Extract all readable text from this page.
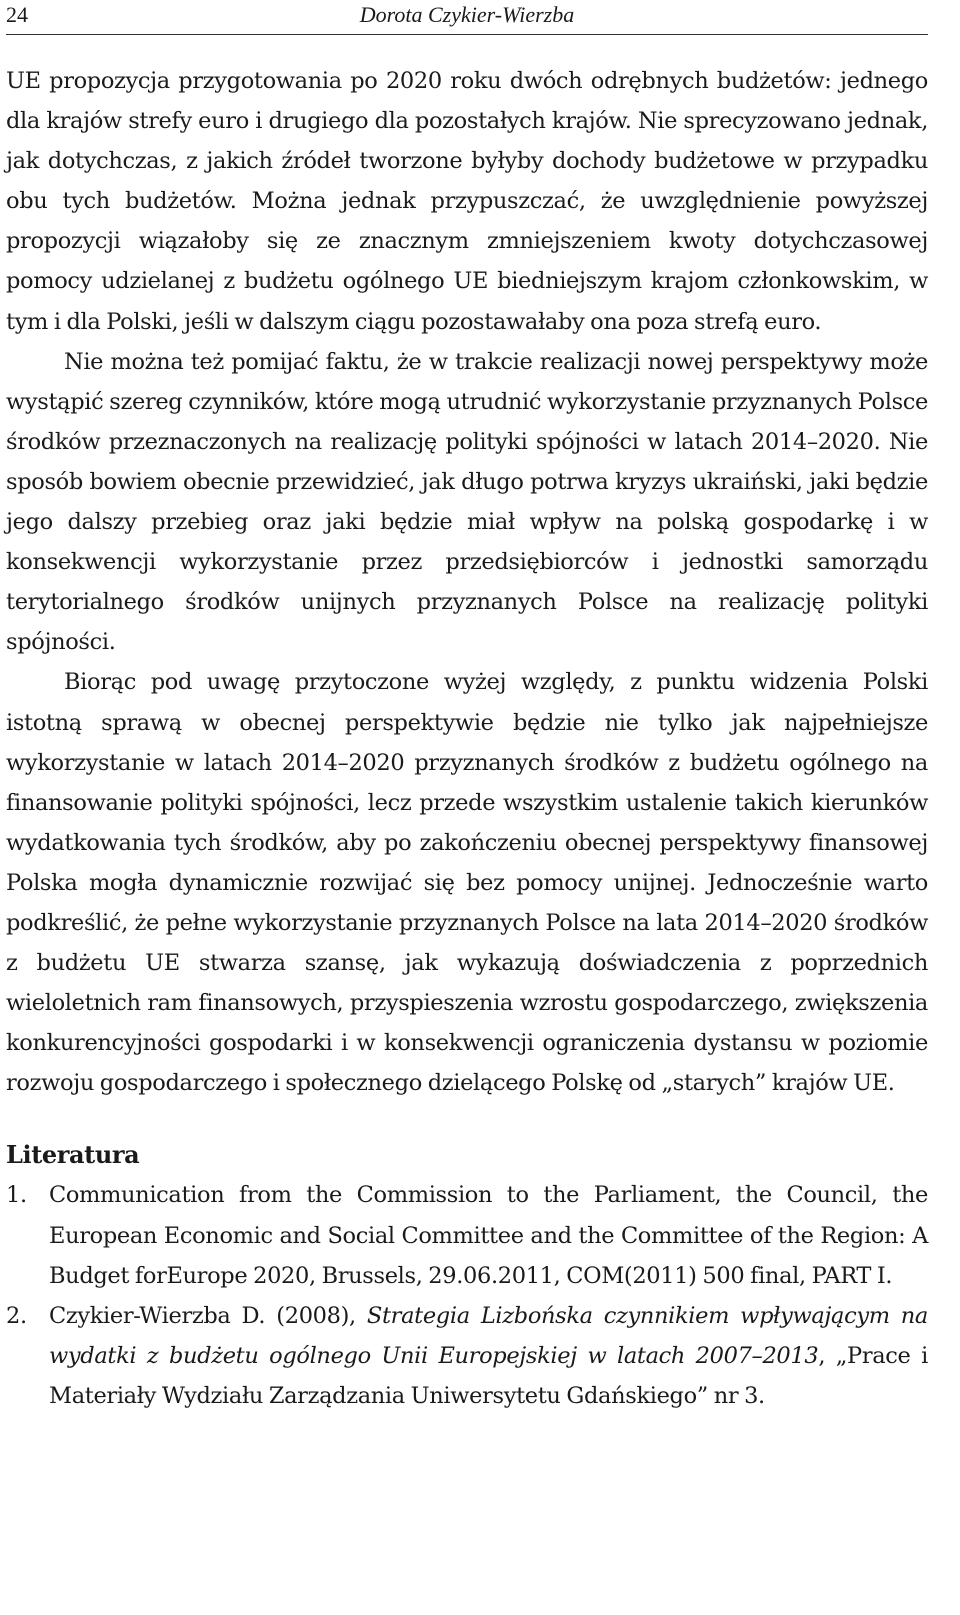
24	Dorota Czykier-Wierzba

UE propozycja przygotowania po 2020 roku dwóch odrębnych budżetów: jednego dla krajów strefy euro i drugiego dla pozostałych krajów. Nie sprecyzowano jednak, jak dotychczas, z jakich źródeł tworzone byłyby dochody budżetowe w przypadku obu tych budżetów. Można jednak przypuszczać, że uwzględnienie powyższej propozycji wiązałoby się ze znacznym zmniejszeniem kwoty dotychczasowej pomocy udzielanej z budżetu ogólnego UE biedniejszym krajom członkowskim, w tym i dla Polski, jeśli w dalszym ciągu pozostawałaby ona poza strefą euro.

Nie można też pomijać faktu, że w trakcie realizacji nowej perspektywy może wystąpić szereg czynników, które mogą utrudnić wykorzystanie przyznanych Polsce środków przeznaczonych na realizację polityki spójności w latach 2014–2020. Nie sposób bowiem obecnie przewidzieć, jak długo potrwa kryzys ukraiński, jaki będzie jego dalszy przebieg oraz jaki będzie miał wpływ na polską gospodarkę i w konsekwencji wykorzystanie przez przedsiębiorców i jednostki samorządu terytorialnego środków unijnych przyznanych Polsce na realizację polityki spójności.

Biorąc pod uwagę przytoczone wyżej względy, z punktu widzenia Polski istotną sprawą w obecnej perspektywie będzie nie tylko jak najpełniejsze wykorzystanie w latach 2014–2020 przyznanych środków z budżetu ogólnego na finansowanie polityki spójności, lecz przede wszystkim ustalenie takich kierunków wydatkowania tych środków, aby po zakończeniu obecnej perspektywy finansowej Polska mogła dynamicznie rozwijać się bez pomocy unijnej. Jednocześnie warto podkreślić, że pełne wykorzystanie przyznanych Polsce na lata 2014–2020 środków z budżetu UE stwarza szansę, jak wykazują doświadczenia z poprzednich wieloletnich ram finansowych, przyspieszenia wzrostu gospodarczego, zwiększenia konkurencyjności gospodarki i w konsekwencji ograniczenia dystansu w poziomie rozwoju gospodarczego i społecznego dzielącego Polskę od „starych” krajów UE.

Literatura
1. Communication from the Commission to the Parliament, the Council, the European Economic and Social Committee and the Committee of the Region: A Budget forEurope 2020, Brussels, 29.06.2011, COM(2011) 500 final, PART I.
2. Czykier-Wierzba D. (2008), Strategia Lizbońska czynnikiem wpływającym na wydatki z budżetu ogólnego Unii Europejskiej w latach 2007–2013, „Prace i Materiały Wydziału Zarządzania Uniwersytetu Gdańskiego” nr 3.
